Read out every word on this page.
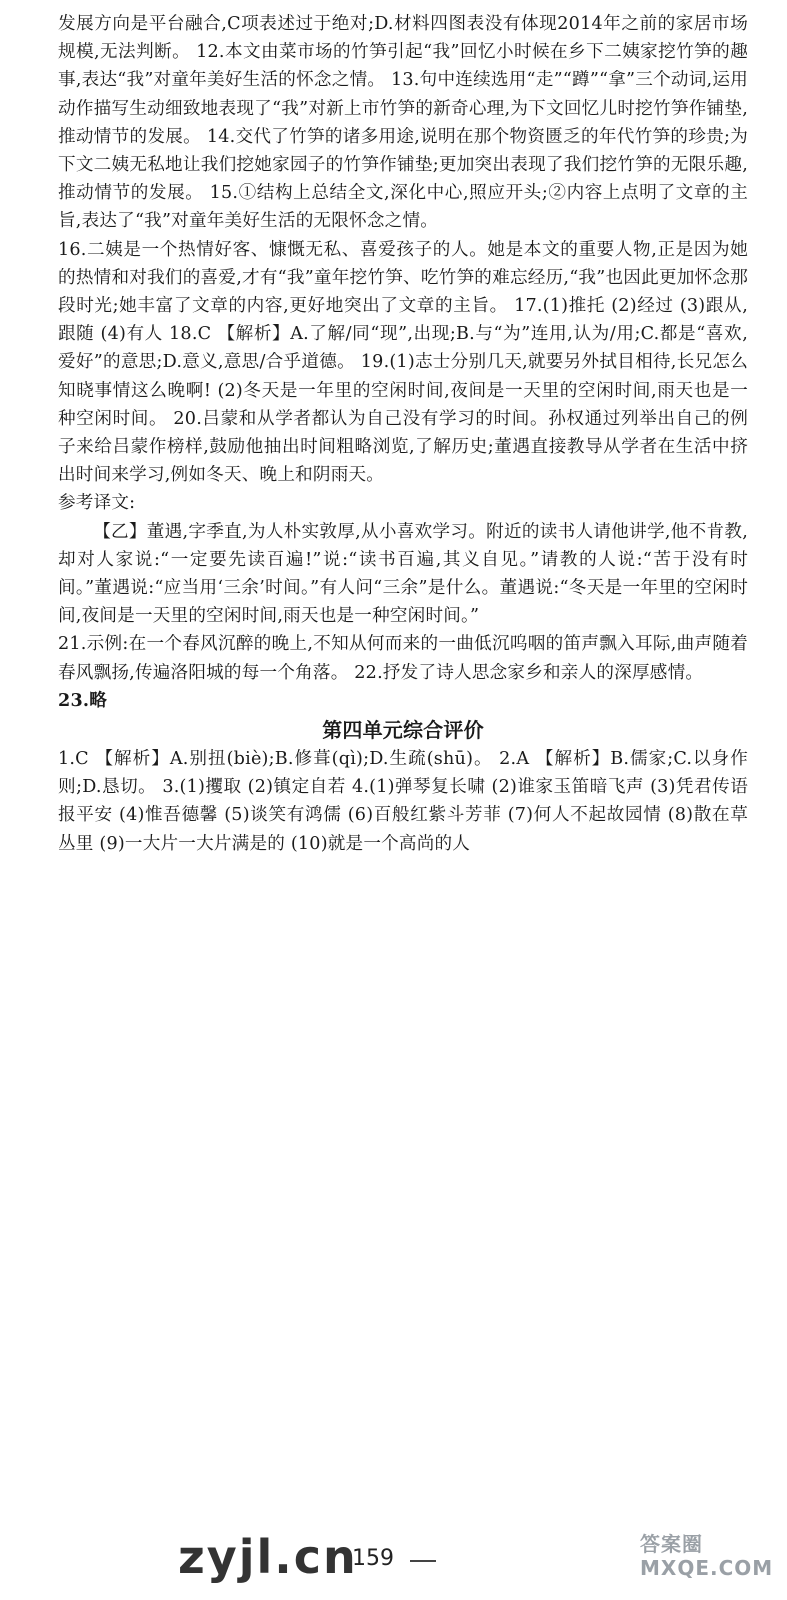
发展方向是平台融合,C项表述过于绝对;D.材料四图表没有体现2014年之前的家居市场规模,无法判断。 12.本文由菜市场的竹笋引起“我”回忆小时候在乡下二姨家挖竹笋的趣事,表达“我”对童年美好生活的怀念之情。 13.句中连续选用“走”“蹲”“拿”三个动词,运用动作描写生动细致地表现了“我”对新上市竹笋的新奇心理,为下文回忆儿时挖竹笋作铺垫,推动情节的发展。 14.交代了竹笋的诸多用途,说明在那个物资匮乏的年代竹笋的珍贵;为下文二姨无私地让我们挖她家园子的竹笋作铺垫;更加突出表现了我们挖竹笋的无限乐趣,推动情节的发展。 15.①结构上总结全文,深化中心,照应开头;②内容上点明了文章的主旨,表达了“我”对童年美好生活的无限怀念之情。

16.二姨是一个热情好客、慷慨无私、喜爱孩子的人。她是本文的重要人物,正是因为她的热情和对我们的喜爱,才有“我”童年挖竹笋、吃竹笋的难忘经历,“我”也因此更加怀念那段时光;她丰富了文章的内容,更好地突出了文章的主旨。 17.(1)推托 (2)经过 (3)跟从,跟随 (4)有人 18.C 【解析】A.了解/同“现”,出现;B.与“为”连用,认为/用;C.都是“喜欢,爱好”的意思;D.意义,意思/合乎道德。 19.(1)志士分别几天,就要另外拭目相待,长兄怎么知晓事情这么晚啊! (2)冬天是一年里的空闲时间,夜间是一天里的空闲时间,雨天也是一种空闲时间。 20.吕蒙和从学者都认为自己没有学习的时间。孙权通过列举出自己的例子来给吕蒙作榜样,鼓励他抽出时间粗略浏览,了解历史;董遇直接教导从学者在生活中挤出时间来学习,例如冬天、晚上和阴雨天。

参考译文:

【乙】董遇,字季直,为人朴实敦厚,从小喜欢学习。附近的读书人请他讲学,他不肯教,却对人家说:“一定要先读百遍!”说:“读书百遍,其义自见。”请教的人说:“苦于没有时间。”董遇说:“应当用‘三余’时间。”有人问“三余”是什么。董遇说:“冬天是一年里的空闲时间,夜间是一天里的空闲时间,雨天也是一种空闲时间。”

21.示例:在一个春风沉醉的晚上,不知从何而来的一曲低沉呜咽的笛声飘入耳际,曲声随着春风飘扬,传遍洛阳城的每一个角落。 22.抒发了诗人思念家乡和亲人的深厚感情。

23.略

第四单元综合评价

1.C 【解析】A.别扭(biè);B.修葺(qì);D.生疏(shū)。 2.A 【解析】B.儒家;C.以身作则;D.恳切。 3.(1)攫取 (2)镇定自若 4.(1)弹琴复长啸 (2)谁家玉笛暗飞声 (3)凭君传语报平安 (4)惟吾德馨 (5)谈笑有鸿儒 (6)百般红紫斗芳菲 (7)何人不起故园情 (8)散在草丛里 (9)一大片一大片满是的 (10)就是一个高尚的人

zyjl.cn
159
答案圈
MXQE.COM
